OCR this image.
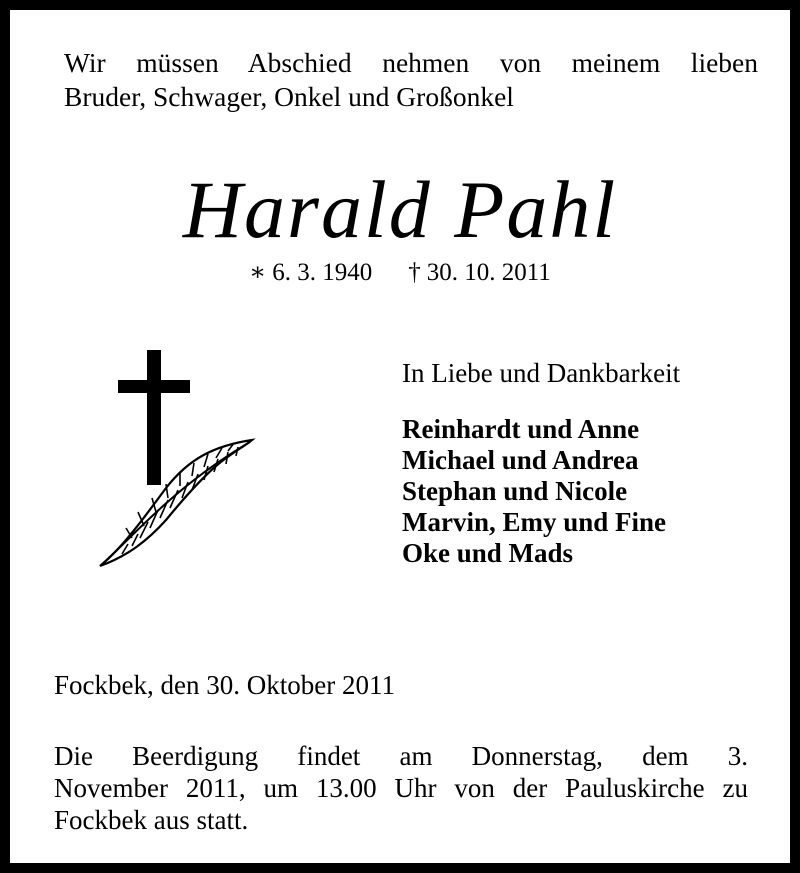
Wir müssen Abschied nehmen von meinem lieben
Bruder, Schwager, Onkel und Großonkel
Harald Pahl
∗ 6. 3. 1940 † 30. 10. 2011
In Liebe und Dankbarkeit
Reinhardt und Anne
Michael und Andrea
Stephan und Nicole
Marvin, Emy und Fine
Oke und Mads
Fockbek, den 30. Oktober 2011
Die Beerdigung findet am Donnerstag, dem 3.
November 2011, um 13.00 Uhr von der Pauluskirche zu
Fockbek aus statt.
